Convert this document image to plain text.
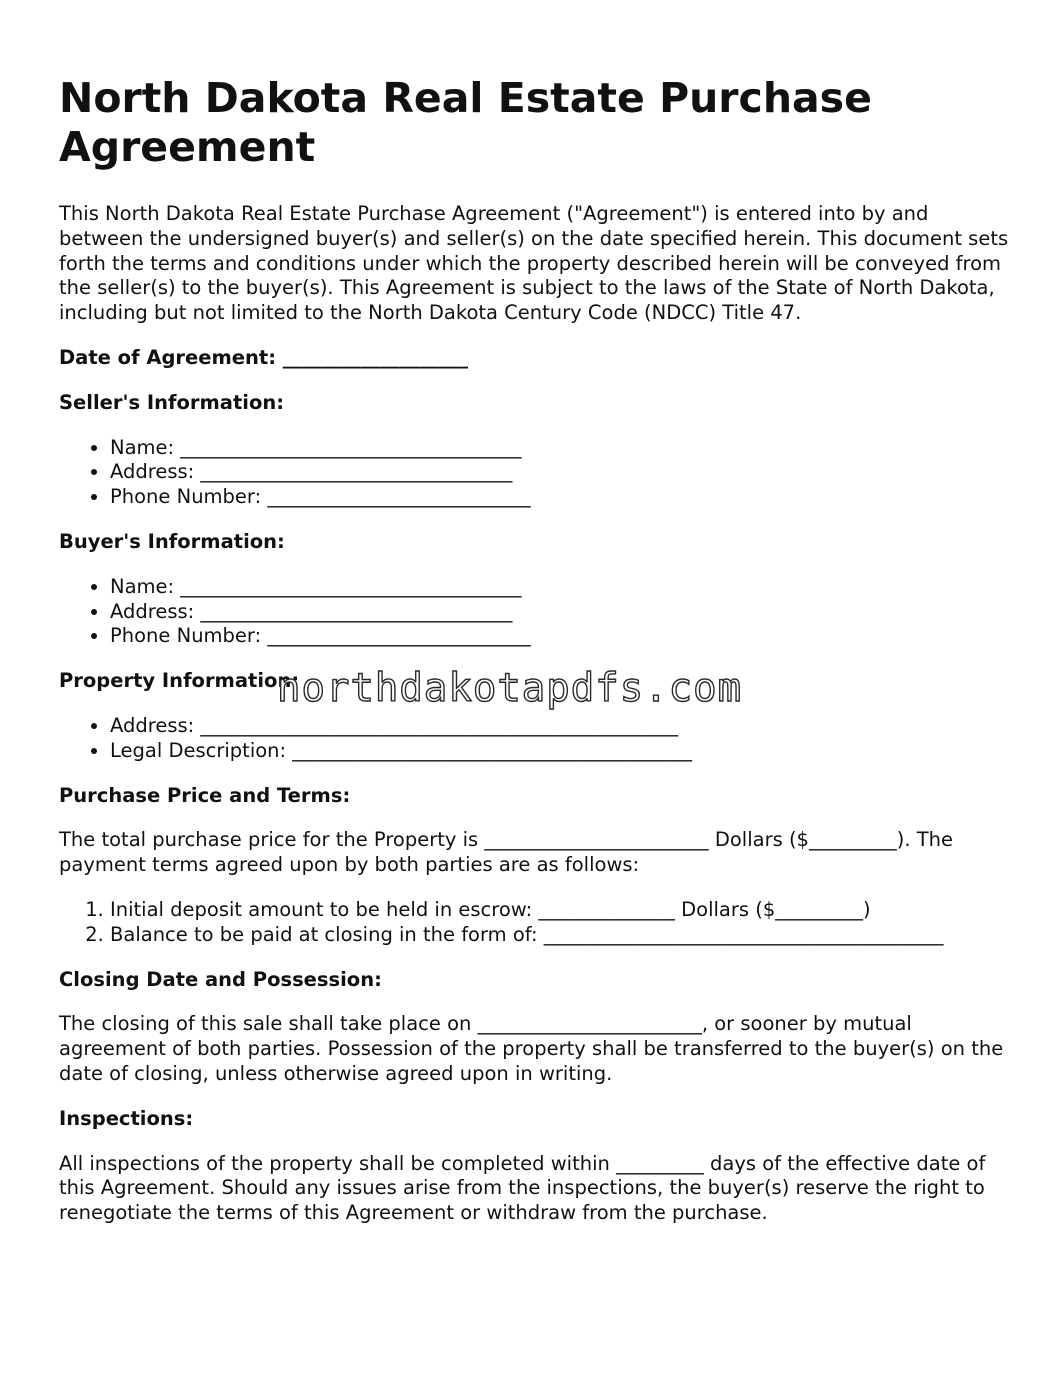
North Dakota Real Estate Purchase Agreement

This North Dakota Real Estate Purchase Agreement ("Agreement") is entered into by and between the undersigned buyer(s) and seller(s) on the date specified herein. This document sets forth the terms and conditions under which the property described herein will be conveyed from the seller(s) to the buyer(s). This Agreement is subject to the laws of the State of North Dakota, including but not limited to the North Dakota Century Code (NDCC) Title 47.

Date of Agreement: ___________________

Seller's Information:

• Name: ___________________________________
• Address: ________________________________
• Phone Number: ___________________________

Buyer's Information:

• Name: ___________________________________
• Address: ________________________________
• Phone Number: ___________________________

Property Information:

• Address: _________________________________________________
• Legal Description: _________________________________________

Purchase Price and Terms:

The total purchase price for the Property is _______________________ Dollars ($_________). The payment terms agreed upon by both parties are as follows:

1. Initial deposit amount to be held in escrow: ______________ Dollars ($_________)
2. Balance to be paid at closing in the form of: _________________________________________

Closing Date and Possession:

The closing of this sale shall take place on _______________________, or sooner by mutual agreement of both parties. Possession of the property shall be transferred to the buyer(s) on the date of closing, unless otherwise agreed upon in writing.

Inspections:

All inspections of the property shall be completed within _________ days of the effective date of this Agreement. Should any issues arise from the inspections, the buyer(s) reserve the right to renegotiate the terms of this Agreement or withdraw from the purchase.

northdakotapdfs.com
